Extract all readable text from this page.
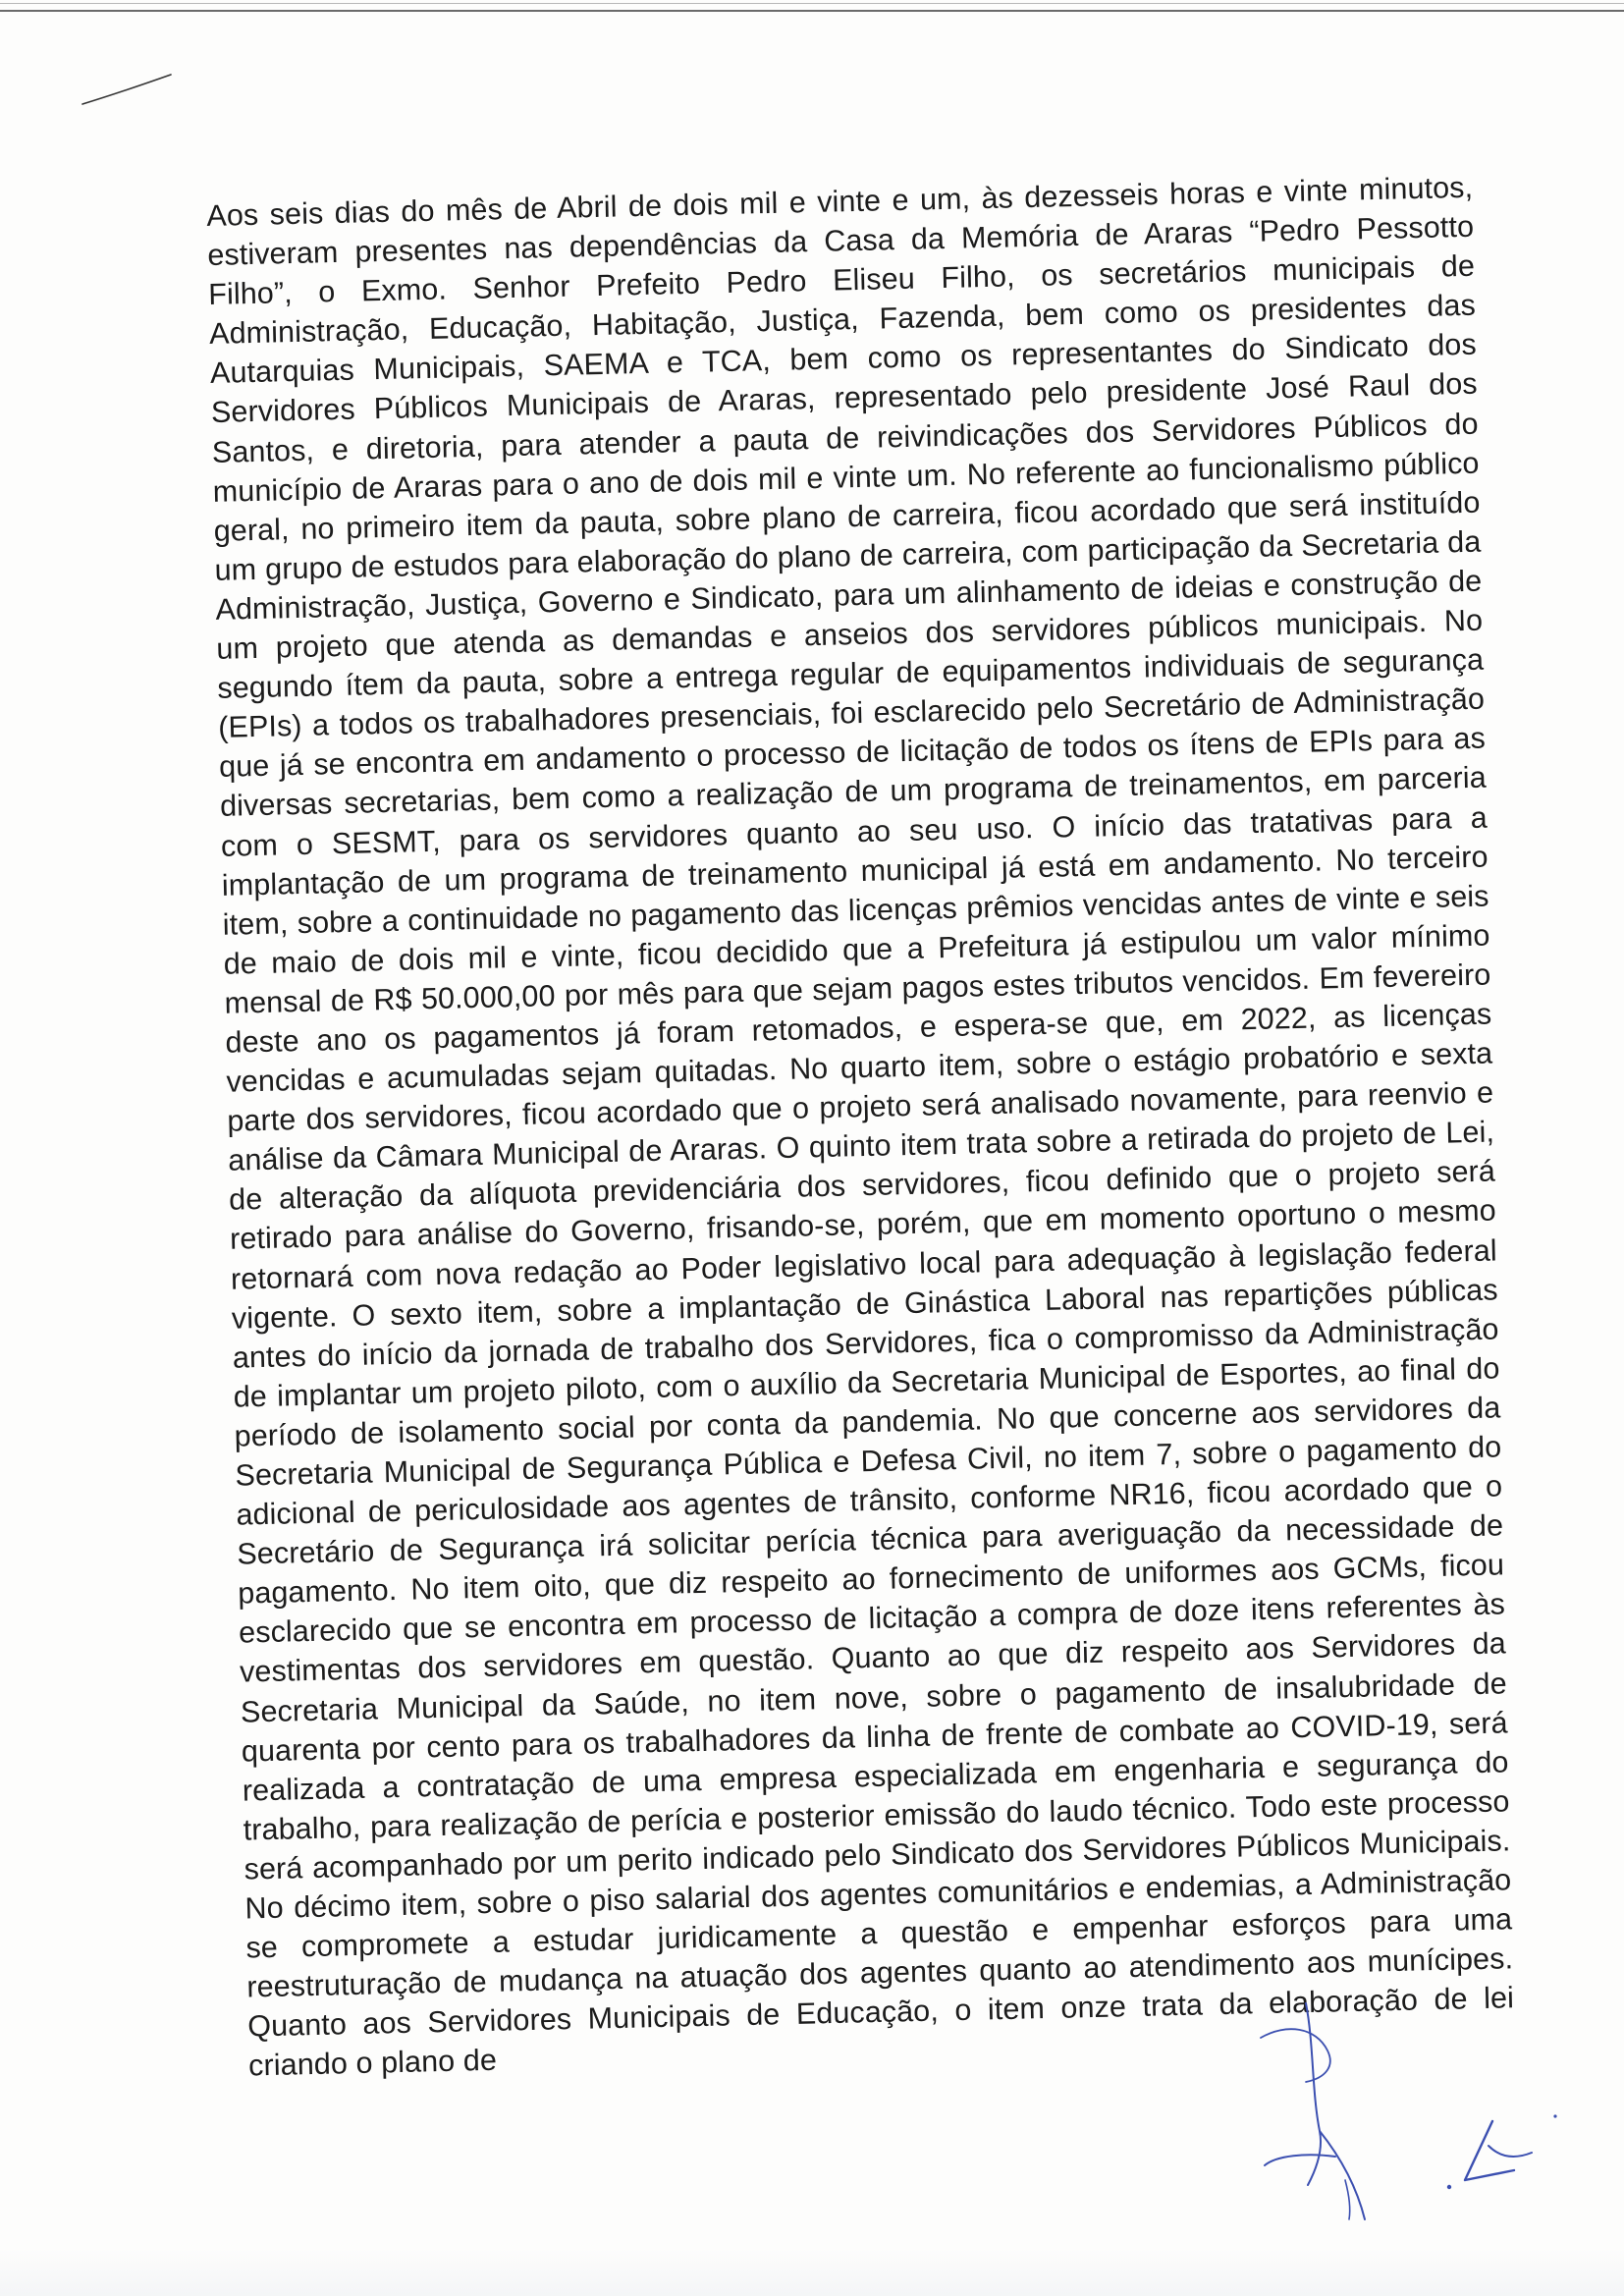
Aos seis dias do mês de Abril de dois mil e vinte e um, às dezesseis horas e vinte minutos, estiveram presentes nas dependências da Casa da Memória de Araras “Pedro Pessotto Filho”, o Exmo. Senhor Prefeito Pedro Eliseu Filho, os secretários municipais de Administração, Educação, Habitação, Justiça, Fazenda, bem como os presidentes das Autarquias Municipais, SAEMA e TCA, bem como os representantes do Sindicato dos Servidores Públicos Municipais de Araras, representado pelo presidente José Raul dos Santos, e diretoria, para atender a pauta de reivindicações dos Servidores Públicos do município de Araras para o ano de dois mil e vinte um. No referente ao funcionalismo público geral, no primeiro item da pauta, sobre plano de carreira, ficou acordado que será instituído um grupo de estudos para elaboração do plano de carreira, com participação da Secretaria da Administração, Justiça, Governo e Sindicato, para um alinhamento de ideias e construção de um projeto que atenda as demandas e anseios dos servidores públicos municipais. No segundo ítem da pauta, sobre a entrega regular de equipamentos individuais de segurança (EPIs) a todos os trabalhadores presenciais, foi esclarecido pelo Secretário de Administração que já se encontra em andamento o processo de licitação de todos os ítens de EPIs para as diversas secretarias, bem como a realização de um programa de treinamentos, em parceria com o SESMT, para os servidores quanto ao seu uso. O início das tratativas para a implantação de um programa de treinamento municipal já está em andamento. No terceiro item, sobre a continuidade no pagamento das licenças prêmios vencidas antes de vinte e seis de maio de dois mil e vinte, ficou decidido que a Prefeitura já estipulou um valor mínimo mensal de R$ 50.000,00 por mês para que sejam pagos estes tributos vencidos. Em fevereiro deste ano os pagamentos já foram retomados, e espera-se que, em 2022, as licenças vencidas e acumuladas sejam quitadas. No quarto item, sobre o estágio probatório e sexta parte dos servidores, ficou acordado que o projeto será analisado novamente, para reenvio e análise da Câmara Municipal de Araras. O quinto item trata sobre a retirada do projeto de Lei, de alteração da alíquota previdenciária dos servidores, ficou definido que o projeto será retirado para análise do Governo, frisando-se, porém, que em momento oportuno o mesmo retornará com nova redação ao Poder legislativo local para adequação à legislação federal vigente. O sexto item, sobre a implantação de Ginástica Laboral nas repartições públicas antes do início da jornada de trabalho dos Servidores, fica o compromisso da Administração de implantar um projeto piloto, com o auxílio da Secretaria Municipal de Esportes, ao final do período de isolamento social por conta da pandemia. No que concerne aos servidores da Secretaria Municipal de Segurança Pública e Defesa Civil, no item 7, sobre o pagamento do adicional de periculosidade aos agentes de trânsito, conforme NR16, ficou acordado que o Secretário de Segurança irá solicitar perícia técnica para averiguação da necessidade de pagamento. No item oito, que diz respeito ao fornecimento de uniformes aos GCMs, ficou esclarecido que se encontra em processo de licitação a compra de doze itens referentes às vestimentas dos servidores em questão. Quanto ao que diz respeito aos Servidores da Secretaria Municipal da Saúde, no item nove, sobre o pagamento de insalubridade de quarenta por cento para os trabalhadores da linha de frente de combate ao COVID-19, será realizada a contratação de uma empresa especializada em engenharia e segurança do trabalho, para realização de perícia e posterior emissão do laudo técnico. Todo este processo será acompanhado por um perito indicado pelo Sindicato dos Servidores Públicos Municipais. No décimo item, sobre o piso salarial dos agentes comunitários e endemias, a Administração se compromete a estudar juridicamente a questão e empenhar esforços para uma reestruturação de mudança na atuação dos agentes quanto ao atendimento aos munícipes. Quanto aos Servidores Municipais de Educação, o item onze trata da elaboração de lei criando o plano de
